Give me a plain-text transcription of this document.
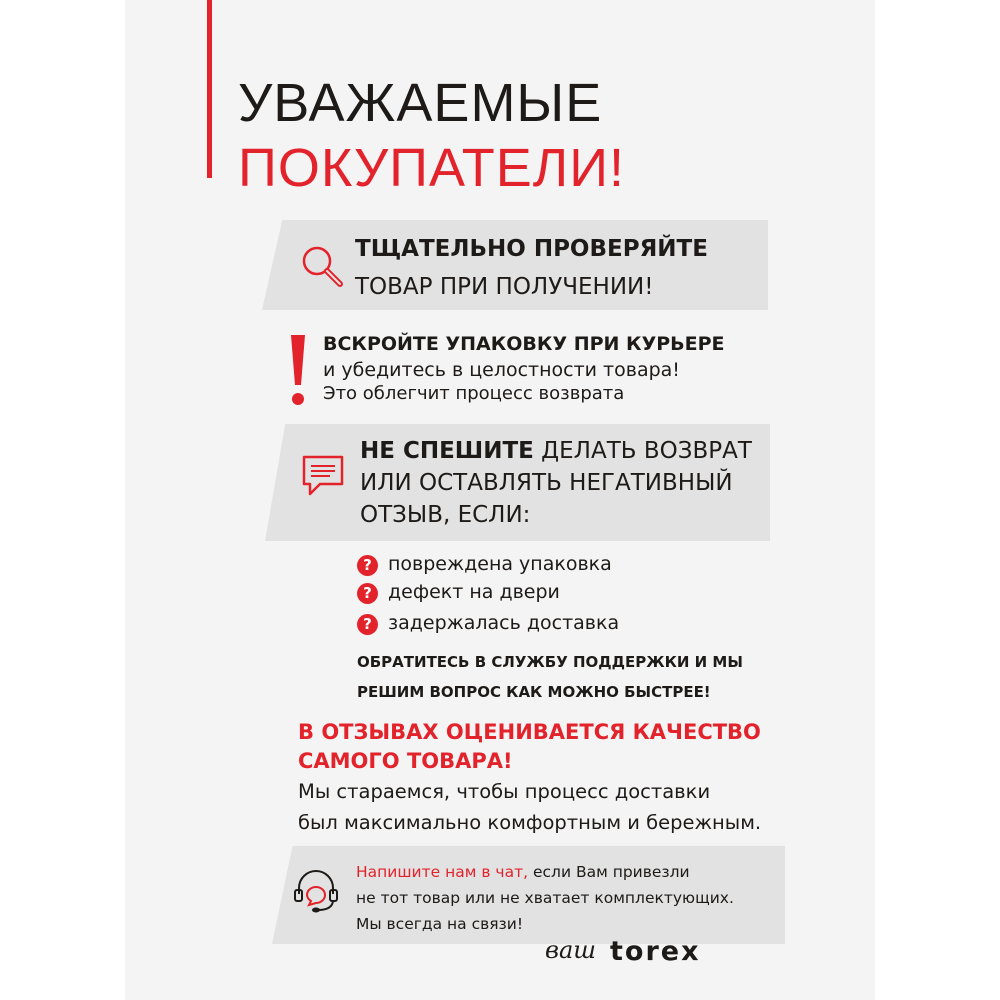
УВАЖАЕМЫЕ
ПОКУПАТЕЛИ!
ТЩАТЕЛЬНО ПРОВЕРЯЙТЕ
ТОВАР ПРИ ПОЛУЧЕНИИ!
ВСКРОЙТЕ УПАКОВКУ ПРИ КУРЬЕРЕ
и убедитесь в целостности товара!
Это облегчит процесс возврата
НЕ СПЕШИТЕ ДЕЛАТЬ ВОЗВРАТ
ИЛИ ОСТАВЛЯТЬ НЕГАТИВНЫЙ
ОТЗЫВ, ЕСЛИ:
? повреждена упаковка
? дефект на двери
? задержалась доставка
ОБРАТИТЕСЬ В СЛУЖБУ ПОДДЕРЖКИ И МЫ
РЕШИМ ВОПРОС КАК МОЖНО БЫСТРЕЕ!
В ОТЗЫВАХ ОЦЕНИВАЕТСЯ КАЧЕСТВО
САМОГО ТОВАРА!
Мы стараемся, чтобы процесс доставки
был максимально комфортным и бережным.
Напишите нам в чат, если Вам привезли
не тот товар или не хватает комплектующих.
Мы всегда на связи!
ваш torex
